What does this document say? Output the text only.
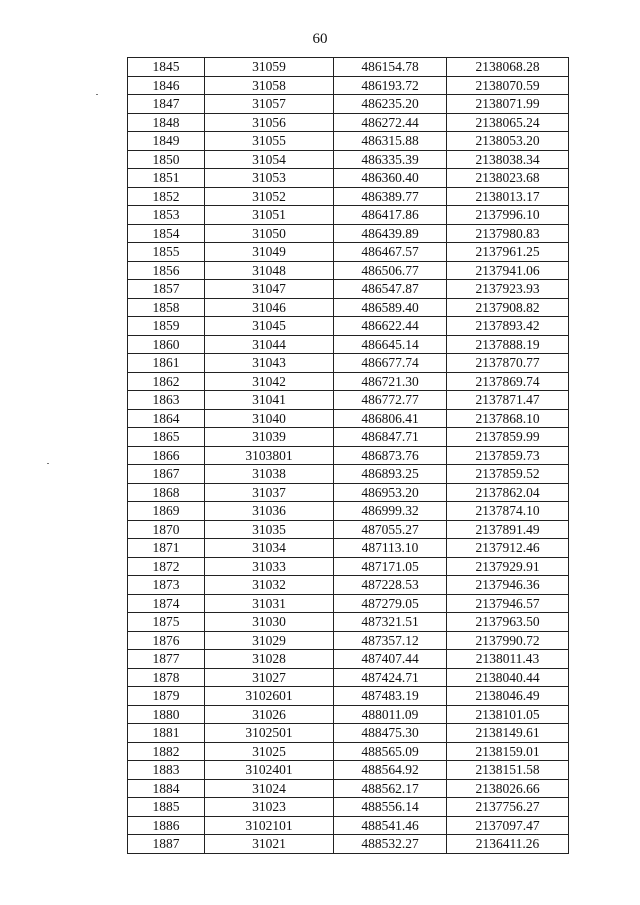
60
1845	31059	486154.78	2138068.28
1846	31058	486193.72	2138070.59
1847	31057	486235.20	2138071.99
1848	31056	486272.44	2138065.24
1849	31055	486315.88	2138053.20
1850	31054	486335.39	2138038.34
1851	31053	486360.40	2138023.68
1852	31052	486389.77	2138013.17
1853	31051	486417.86	2137996.10
1854	31050	486439.89	2137980.83
1855	31049	486467.57	2137961.25
1856	31048	486506.77	2137941.06
1857	31047	486547.87	2137923.93
1858	31046	486589.40	2137908.82
1859	31045	486622.44	2137893.42
1860	31044	486645.14	2137888.19
1861	31043	486677.74	2137870.77
1862	31042	486721.30	2137869.74
1863	31041	486772.77	2137871.47
1864	31040	486806.41	2137868.10
1865	31039	486847.71	2137859.99
1866	3103801	486873.76	2137859.73
1867	31038	486893.25	2137859.52
1868	31037	486953.20	2137862.04
1869	31036	486999.32	2137874.10
1870	31035	487055.27	2137891.49
1871	31034	487113.10	2137912.46
1872	31033	487171.05	2137929.91
1873	31032	487228.53	2137946.36
1874	31031	487279.05	2137946.57
1875	31030	487321.51	2137963.50
1876	31029	487357.12	2137990.72
1877	31028	487407.44	2138011.43
1878	31027	487424.71	2138040.44
1879	3102601	487483.19	2138046.49
1880	31026	488011.09	2138101.05
1881	3102501	488475.30	2138149.61
1882	31025	488565.09	2138159.01
1883	3102401	488564.92	2138151.58
1884	31024	488562.17	2138026.66
1885	31023	488556.14	2137756.27
1886	3102101	488541.46	2137097.47
1887	31021	488532.27	2136411.26
